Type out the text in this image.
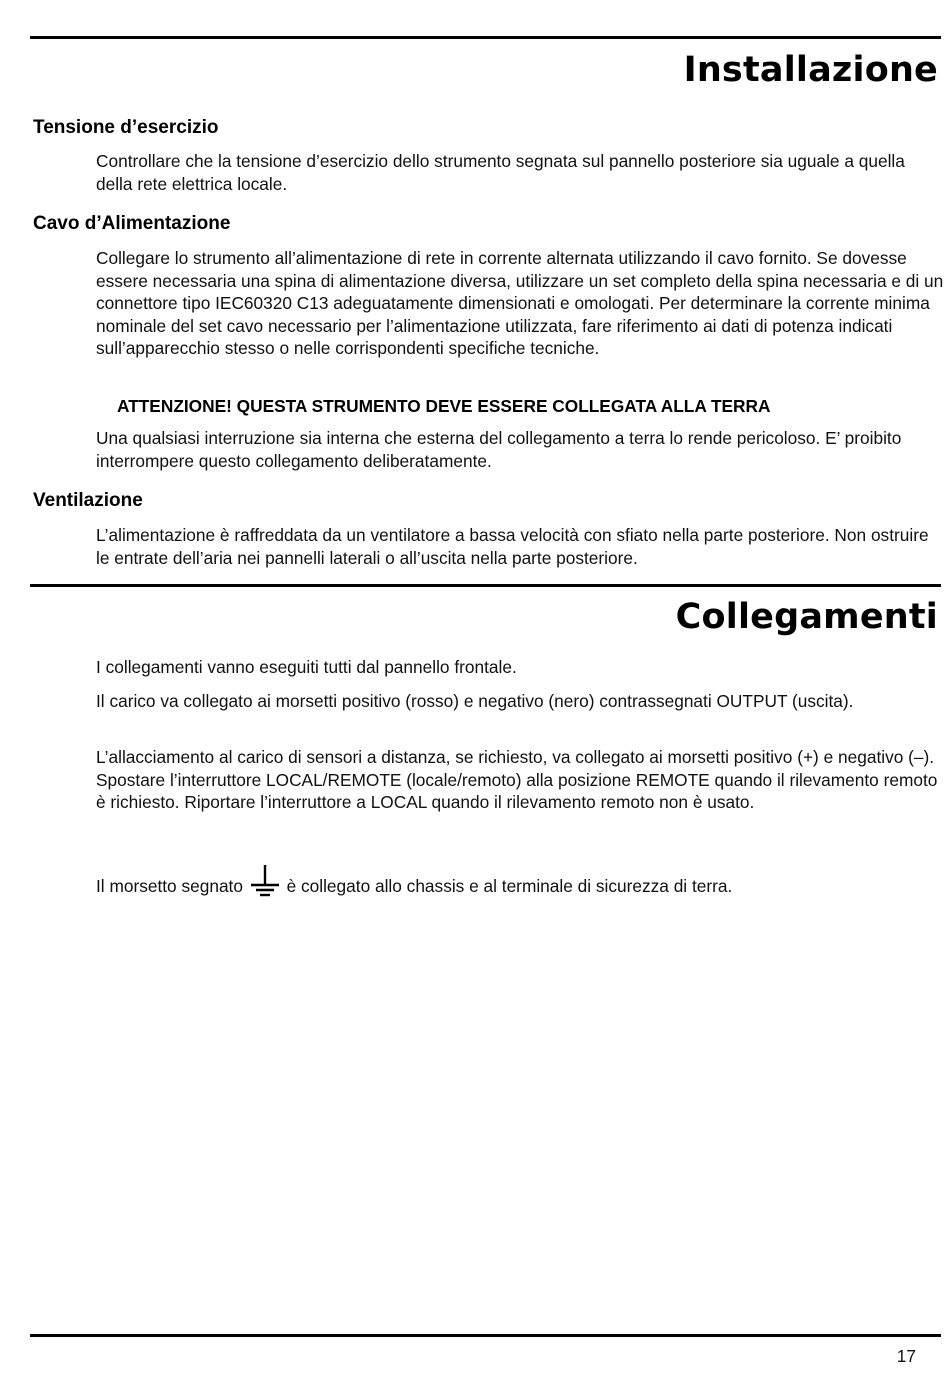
Installazione
Tensione d’esercizio

Controllare che la tensione d’esercizio dello strumento segnata sul pannello posteriore sia uguale a quella della rete elettrica locale.

Cavo d’Alimentazione

Collegare lo strumento all’alimentazione di rete in corrente alternata utilizzando il cavo fornito. Se dovesse essere necessaria una spina di alimentazione diversa, utilizzare un set completo della spina necessaria e di un connettore tipo IEC60320 C13 adeguatamente dimensionati e omologati. Per determinare la corrente minima nominale del set cavo necessario per l’alimentazione utilizzata, fare riferimento ai dati di potenza indicati sull’apparecchio stesso o nelle corrispondenti specifiche tecniche.

ATTENZIONE! QUESTA STRUMENTO DEVE ESSERE COLLEGATA ALLA TERRA

Una qualsiasi interruzione sia interna che esterna del collegamento a terra lo rende pericoloso. E’ proibito interrompere questo collegamento deliberatamente.

Ventilazione

L’alimentazione è raffreddata da un ventilatore a bassa velocità con sfiato nella parte posteriore. Non ostruire le entrate dell’aria nei pannelli laterali o all’uscita nella parte posteriore.

Collegamenti

I collegamenti vanno eseguiti tutti dal pannello frontale.

Il carico va collegato ai morsetti positivo (rosso) e negativo (nero) contrassegnati OUTPUT (uscita).

L’allacciamento al carico di sensori a distanza, se richiesto, va collegato ai morsetti positivo (+) e negativo (–). Spostare l’interruttore LOCAL/REMOTE (locale/remoto) alla posizione REMOTE quando il rilevamento remoto è richiesto. Riportare l’interruttore a LOCAL quando il rilevamento remoto non è usato.

Il morsetto segnato	è collegato allo chassis e al terminale di sicurezza di terra.

17
